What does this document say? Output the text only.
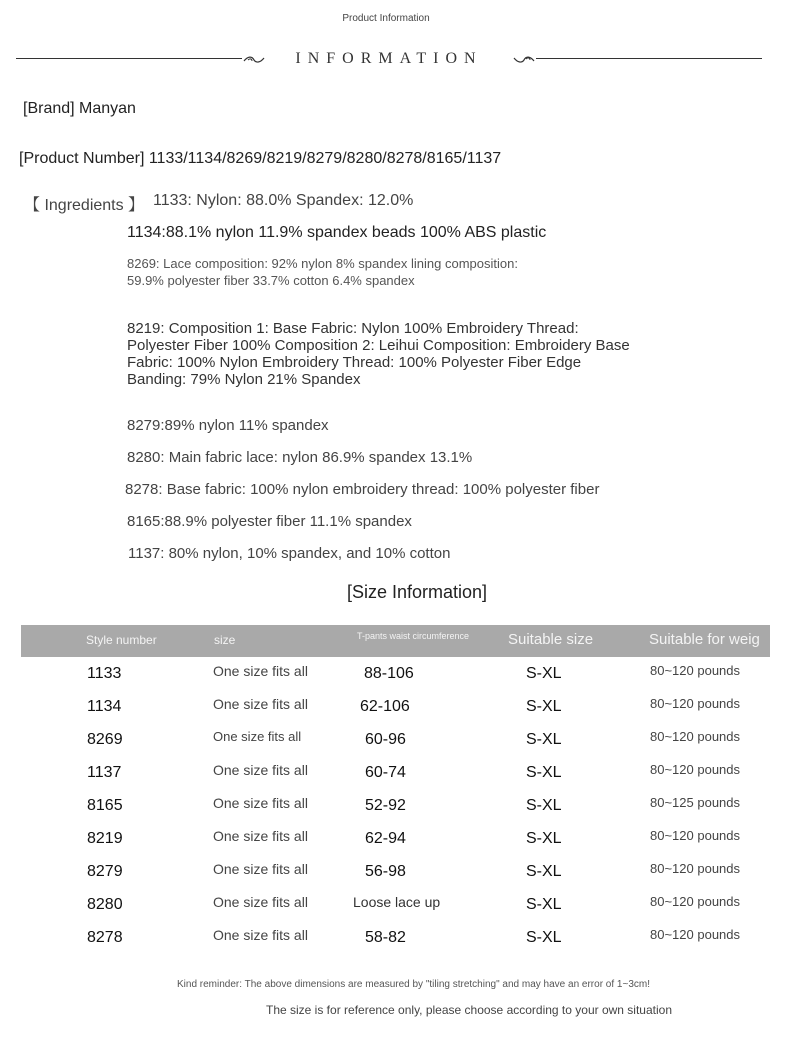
Product Information
INFORMATION
[Brand] Manyan
[Product Number] 1133/1134/8269/8219/8279/8280/8278/8165/1137
【 Ingredients 】 1133: Nylon: 88.0% Spandex: 12.0%
1134:88.1% nylon 11.9% spandex beads 100% ABS plastic
8269: Lace composition: 92% nylon 8% spandex lining composition: 59.9% polyester fiber 33.7% cotton 6.4% spandex
8219: Composition 1: Base Fabric: Nylon 100% Embroidery Thread: Polyester Fiber 100% Composition 2: Leihui Composition: Embroidery Base Fabric: 100% Nylon Embroidery Thread: 100% Polyester Fiber Edge Banding: 79% Nylon 21% Spandex
8279:89% nylon 11% spandex
8280: Main fabric lace: nylon 86.9% spandex 13.1%
8278: Base fabric: 100% nylon embroidery thread: 100% polyester fiber
8165:88.9% polyester fiber 11.1% spandex
1137: 80% nylon, 10% spandex, and 10% cotton
[Size Information]
Style number	size	T-pants waist circumference	Suitable size	Suitable for weig
1133	One size fits all	88-106	S-XL	80~120 pounds
1134	One size fits all	62-106	S-XL	80~120 pounds
8269	One size fits all	60-96	S-XL	80~120 pounds
1137	One size fits all	60-74	S-XL	80~120 pounds
8165	One size fits all	52-92	S-XL	80~125 pounds
8219	One size fits all	62-94	S-XL	80~120 pounds
8279	One size fits all	56-98	S-XL	80~120 pounds
8280	One size fits all	Loose lace up	S-XL	80~120 pounds
8278	One size fits all	58-82	S-XL	80~120 pounds
Kind reminder: The above dimensions are measured by "tiling stretching" and may have an error of 1~3cm!
The size is for reference only, please choose according to your own situation
